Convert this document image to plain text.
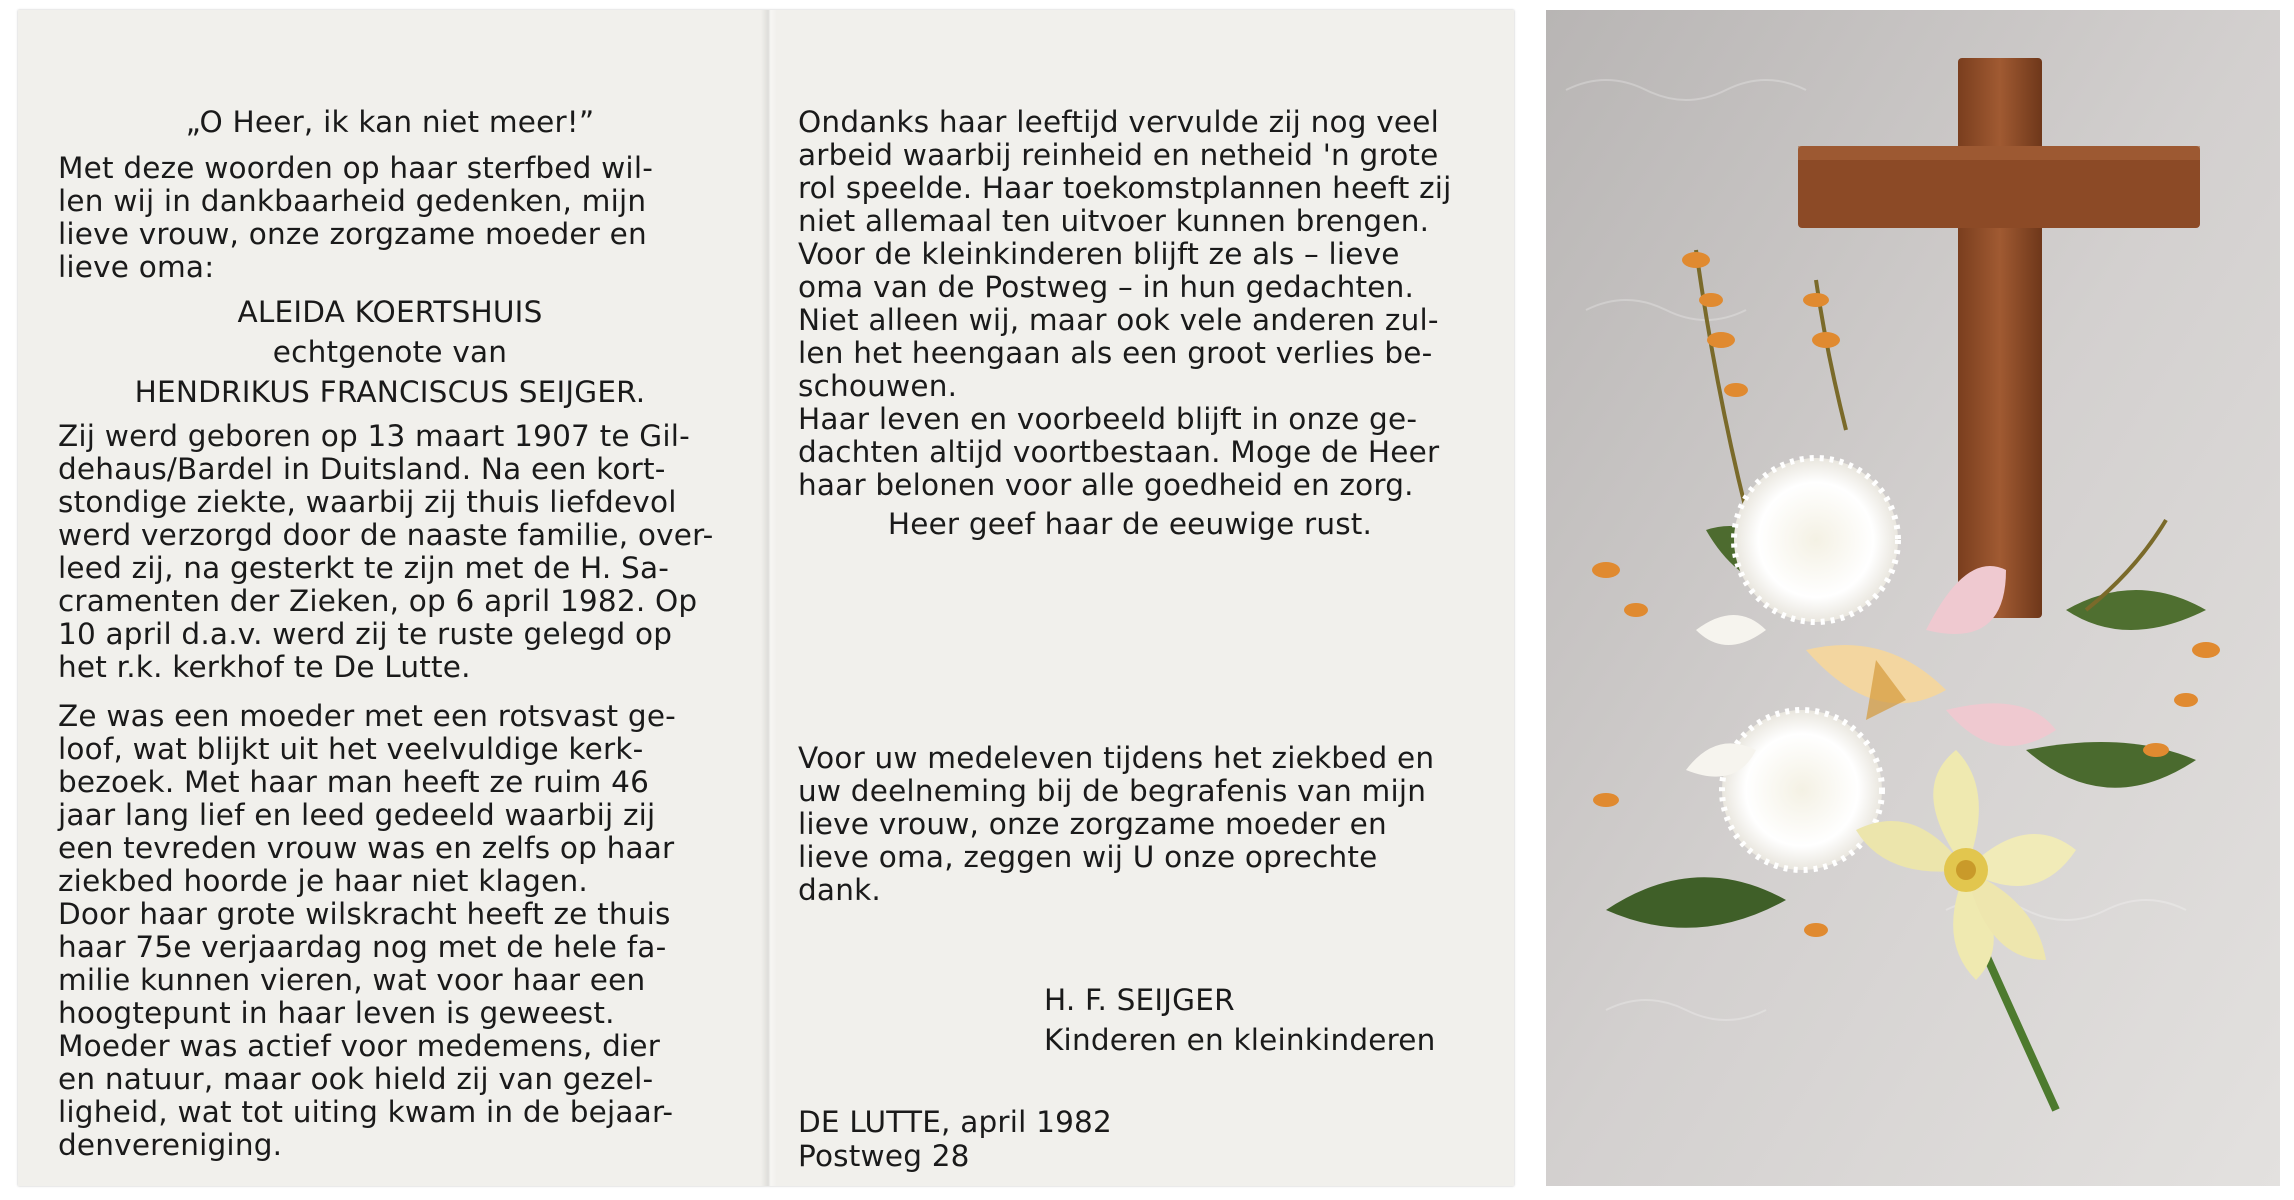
„O Heer, ik kan niet meer!”

Met deze woorden op haar sterfbed wil-
len wij in dankbaarheid gedenken, mijn
lieve vrouw, onze zorgzame moeder en
lieve oma:

ALEIDA KOERTSHUIS

echtgenote van

HENDRIKUS FRANCISCUS SEIJGER.

Zij werd geboren op 13 maart 1907 te Gil-
dehaus/Bardel in Duitsland. Na een kort-
stondige ziekte, waarbij zij thuis liefdevol
werd verzorgd door de naaste familie, over-
leed zij, na gesterkt te zijn met de H. Sa-
cramenten der Zieken, op 6 april 1982. Op
10 april d.a.v. werd zij te ruste gelegd op
het r.k. kerkhof te De Lutte.

Ze was een moeder met een rotsvast ge-
loof, wat blijkt uit het veelvuldige kerk-
bezoek. Met haar man heeft ze ruim 46
jaar lang lief en leed gedeeld waarbij zij
een tevreden vrouw was en zelfs op haar
ziekbed hoorde je haar niet klagen.
Door haar grote wilskracht heeft ze thuis
haar 75e verjaardag nog met de hele fa-
milie kunnen vieren, wat voor haar een
hoogtepunt in haar leven is geweest.
Moeder was actief voor medemens, dier
en natuur, maar ook hield zij van gezel-
ligheid, wat tot uiting kwam in de bejaar-
denvereniging.

Ondanks haar leeftijd vervulde zij nog veel
arbeid waarbij reinheid en netheid 'n grote
rol speelde. Haar toekomstplannen heeft zij
niet allemaal ten uitvoer kunnen brengen.
Voor de kleinkinderen blijft ze als – lieve
oma van de Postweg – in hun gedachten.
Niet alleen wij, maar ook vele anderen zul-
len het heengaan als een groot verlies be-
schouwen.
Haar leven en voorbeeld blijft in onze ge-
dachten altijd voortbestaan. Moge de Heer
haar belonen voor alle goedheid en zorg.

Heer geef haar de eeuwige rust.

Voor uw medeleven tijdens het ziekbed en
uw deelneming bij de begrafenis van mijn
lieve vrouw, onze zorgzame moeder en
lieve oma, zeggen wij U onze oprechte
dank.

H. F. SEIJGER

Kinderen en kleinkinderen

DE LUTTE, april 1982

Postweg 28
